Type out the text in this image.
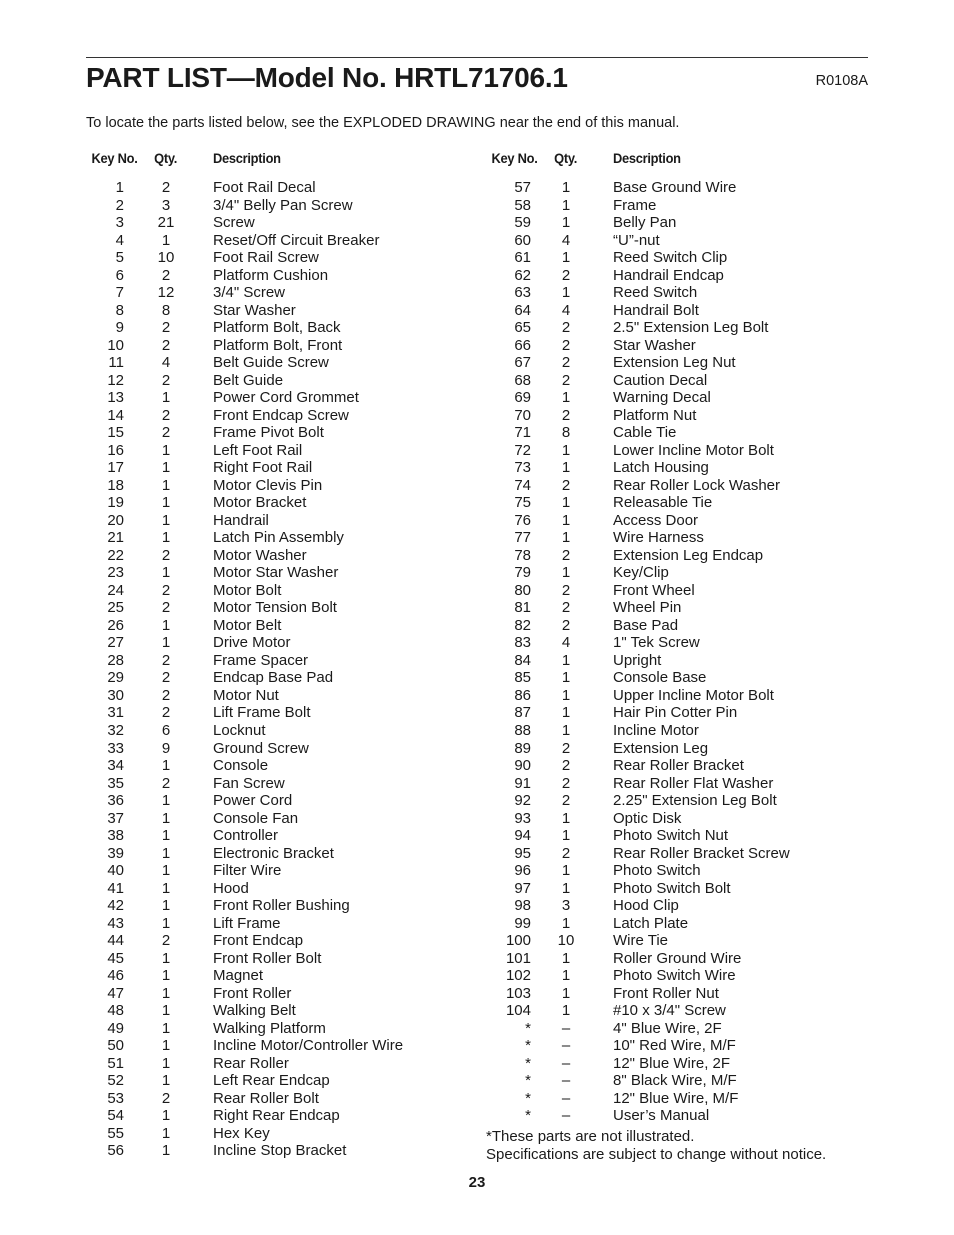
PART LIST—Model No. HRTL71706.1	R0108A
To locate the parts listed below, see the EXPLODED DRAWING near the end of this manual.
Key No. Qty.	Description
1	2	Foot Rail Decal
2	3	3/4" Belly Pan Screw
3	21	Screw
4	1	Reset/Off Circuit Breaker
5	10	Foot Rail Screw
6	2	Platform Cushion
7	12	3/4" Screw
8	8	Star Washer
9	2	Platform Bolt, Back
10	2	Platform Bolt, Front
11	4	Belt Guide Screw
12	2	Belt Guide
13	1	Power Cord Grommet
14	2	Front Endcap Screw
15	2	Frame Pivot Bolt
16	1	Left Foot Rail
17	1	Right Foot Rail
18	1	Motor Clevis Pin
19	1	Motor Bracket
20	1	Handrail
21	1	Latch Pin Assembly
22	2	Motor Washer
23	1	Motor Star Washer
24	2	Motor Bolt
25	2	Motor Tension Bolt
26	1	Motor Belt
27	1	Drive Motor
28	2	Frame Spacer
29	2	Endcap Base Pad
30	2	Motor Nut
31	2	Lift Frame Bolt
32	6	Locknut
33	9	Ground Screw
34	1	Console
35	2	Fan Screw
36	1	Power Cord
37	1	Console Fan
38	1	Controller
39	1	Electronic Bracket
40	1	Filter Wire
41	1	Hood
42	1	Front Roller Bushing
43	1	Lift Frame
44	2	Front Endcap
45	1	Front Roller Bolt
46	1	Magnet
47	1	Front Roller
48	1	Walking Belt
49	1	Walking Platform
50	1	Incline Motor/Controller Wire
51	1	Rear Roller
52	1	Left Rear Endcap
53	2	Rear Roller Bolt
54	1	Right Rear Endcap
55	1	Hex Key
56	1	Incline Stop Bracket
Key No. Qty.	Description
57	1	Base Ground Wire
58	1	Frame
59	1	Belly Pan
60	4	“U”-nut
61	1	Reed Switch Clip
62	2	Handrail Endcap
63	1	Reed Switch
64	4	Handrail Bolt
65	2	2.5" Extension Leg Bolt
66	2	Star Washer
67	2	Extension Leg Nut
68	2	Caution Decal
69	1	Warning Decal
70	2	Platform Nut
71	8	Cable Tie
72	1	Lower Incline Motor Bolt
73	1	Latch Housing
74	2	Rear Roller Lock Washer
75	1	Releasable Tie
76	1	Access Door
77	1	Wire Harness
78	2	Extension Leg Endcap
79	1	Key/Clip
80	2	Front Wheel
81	2	Wheel Pin
82	2	Base Pad
83	4	1" Tek Screw
84	1	Upright
85	1	Console Base
86	1	Upper Incline Motor Bolt
87	1	Hair Pin Cotter Pin
88	1	Incline Motor
89	2	Extension Leg
90	2	Rear Roller Bracket
91	2	Rear Roller Flat Washer
92	2	2.25" Extension Leg Bolt
93	1	Optic Disk
94	1	Photo Switch Nut
95	2	Rear Roller Bracket Screw
96	1	Photo Switch
97	1	Photo Switch Bolt
98	3	Hood Clip
99	1	Latch Plate
100	10	Wire Tie
101	1	Roller Ground Wire
102	1	Photo Switch Wire
103	1	Front Roller Nut
104	1	#10 x 3/4" Screw
*	–	4" Blue Wire, 2F
*	–	10" Red Wire, M/F
*	–	12" Blue Wire, 2F
*	–	8" Black Wire, M/F
*	–	12" Blue Wire, M/F
*	–	User’s Manual
*These parts are not illustrated.
Specifications are subject to change without notice.
23
